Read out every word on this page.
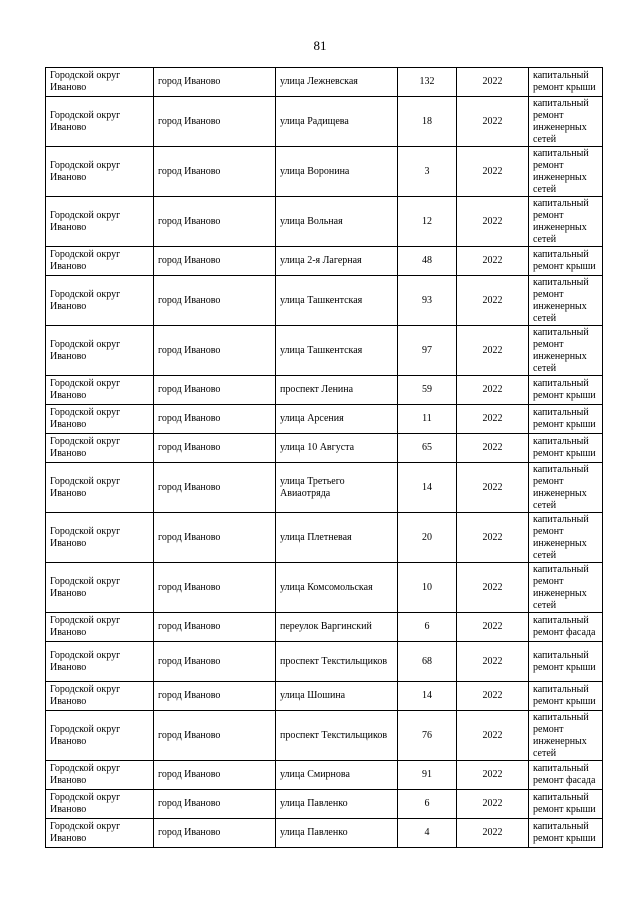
81
Городской округ Иваново	город Иваново	улица Лежневская	132	2022	капитальный ремонт крыши
Городской округ Иваново	город Иваново	улица Радищева	18	2022	капитальный ремонт инженерных сетей
Городской округ Иваново	город Иваново	улица Воронина	3	2022	капитальный ремонт инженерных сетей
Городской округ Иваново	город Иваново	улица Вольная	12	2022	капитальный ремонт инженерных сетей
Городской округ Иваново	город Иваново	улица 2-я Лагерная	48	2022	капитальный ремонт крыши
Городской округ Иваново	город Иваново	улица Ташкентская	93	2022	капитальный ремонт инженерных сетей
Городской округ Иваново	город Иваново	улица Ташкентская	97	2022	капитальный ремонт инженерных сетей
Городской округ Иваново	город Иваново	проспект Ленина	59	2022	капитальный ремонт крыши
Городской округ Иваново	город Иваново	улица Арсения	11	2022	капитальный ремонт крыши
Городской округ Иваново	город Иваново	улица 10 Августа	65	2022	капитальный ремонт крыши
Городской округ Иваново	город Иваново	улица Третьего Авиаотряда	14	2022	капитальный ремонт инженерных сетей
Городской округ Иваново	город Иваново	улица Плетневая	20	2022	капитальный ремонт инженерных сетей
Городской округ Иваново	город Иваново	улица Комсомольская	10	2022	капитальный ремонт инженерных сетей
Городской округ Иваново	город Иваново	переулок Варгинский	6	2022	капитальный ремонт фасада
Городской округ Иваново	город Иваново	проспект Текстильщиков	68	2022	капитальный ремонт крыши
Городской округ Иваново	город Иваново	улица Шошина	14	2022	капитальный ремонт крыши
Городской округ Иваново	город Иваново	проспект Текстильщиков	76	2022	капитальный ремонт инженерных сетей
Городской округ Иваново	город Иваново	улица Смирнова	91	2022	капитальный ремонт фасада
Городской округ Иваново	город Иваново	улица Павленко	6	2022	капитальный ремонт крыши
Городской округ Иваново	город Иваново	улица Павленко	4	2022	капитальный ремонт крыши
